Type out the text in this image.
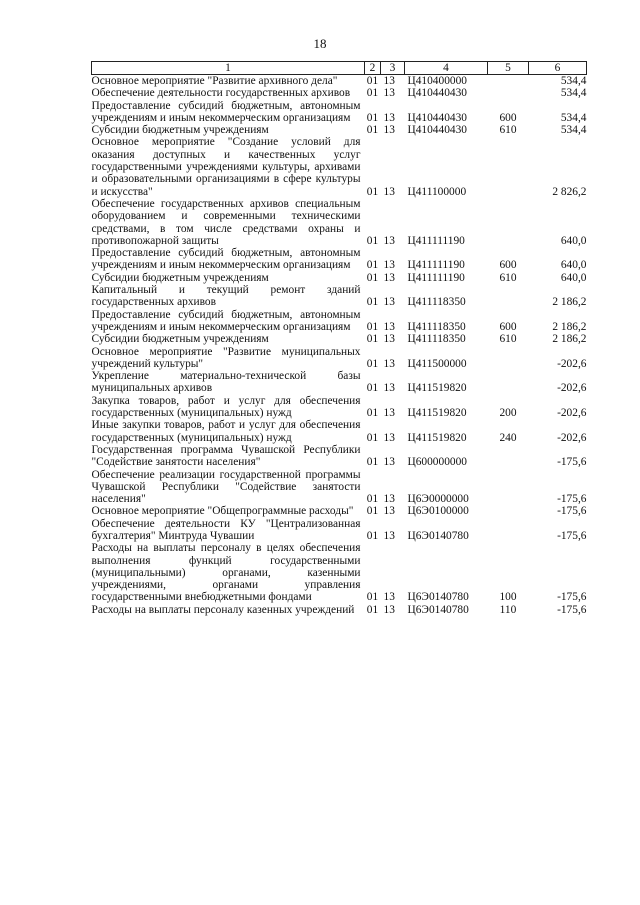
18
1	2	3	4	5	6
Основное мероприятие "Развитие архивного дела"	01	13	Ц410400000		534,4
Обеспечение деятельности государственных архивов	01	13	Ц410440430		534,4
Предоставление субсидий бюджетным, автономным учреждениям и иным некоммерческим организациям	01	13	Ц410440430	600	534,4
Субсидии бюджетным учреждениям	01	13	Ц410440430	610	534,4
Основное мероприятие "Создание условий для оказания доступных и качественных услуг государственными учреждениями культуры, архивами и образовательными организациями в сфере культуры и искусства"	01	13	Ц411100000		2 826,2
Обеспечение государственных архивов специальным оборудованием и современными техническими средствами, в том числе средствами охраны и противопожарной защиты	01	13	Ц411111190		640,0
Предоставление субсидий бюджетным, автономным учреждениям и иным некоммерческим организациям	01	13	Ц411111190	600	640,0
Субсидии бюджетным учреждениям	01	13	Ц411111190	610	640,0
Капитальный и текущий ремонт зданий государственных архивов	01	13	Ц411118350		2 186,2
Предоставление субсидий бюджетным, автономным учреждениям и иным некоммерческим организациям	01	13	Ц411118350	600	2 186,2
Субсидии бюджетным учреждениям	01	13	Ц411118350	610	2 186,2
Основное мероприятие "Развитие муниципальных учреждений культуры"	01	13	Ц411500000		-202,6
Укрепление материально-технической базы муниципальных архивов	01	13	Ц411519820		-202,6
Закупка товаров, работ и услуг для обеспечения государственных (муниципальных) нужд	01	13	Ц411519820	200	-202,6
Иные закупки товаров, работ и услуг для обеспечения государственных (муниципальных) нужд	01	13	Ц411519820	240	-202,6
Государственная программа Чувашской Республики "Содействие занятости населения"	01	13	Ц600000000		-175,6
Обеспечение реализации государственной программы Чувашской Республики "Содействие занятости населения"	01	13	Ц6Э0000000		-175,6
Основное мероприятие "Общепрограммные расходы"	01	13	Ц6Э0100000		-175,6
Обеспечение деятельности КУ "Централизованная бухгалтерия" Минтруда Чувашии	01	13	Ц6Э0140780		-175,6
Расходы на выплаты персоналу в целях обеспечения выполнения функций государственными (муниципальными) органами, казенными учреждениями, органами управления государственными внебюджетными фондами	01	13	Ц6Э0140780	100	-175,6
Расходы на выплаты персоналу казенных учреждений	01	13	Ц6Э0140780	110	-175,6
